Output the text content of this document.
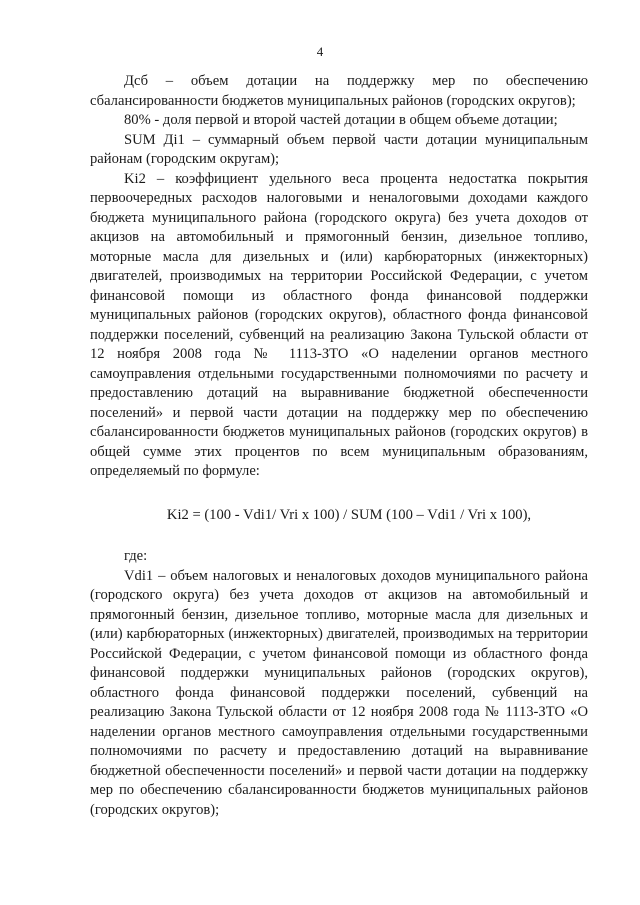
4

Дсб – объем дотации на поддержку мер по обеспечению сбалансированности бюджетов муниципальных районов (городских округов);

80% - доля первой и второй частей дотации в общем объеме дотации;

SUM Дi1 – суммарный объем первой части дотации муниципальным районам (городским округам);

Ki2 – коэффициент удельного веса процента недостатка покрытия первоочередных расходов налоговыми и неналоговыми доходами каждого бюджета муниципального района (городского округа) без учета доходов от акцизов на автомобильный и прямогонный бензин, дизельное топливо, моторные масла для дизельных и (или) карбюраторных (инжекторных) двигателей, производимых на территории Российской Федерации, с учетом финансовой помощи из областного фонда финансовой поддержки муниципальных районов (городских округов), областного фонда финансовой поддержки поселений, субвенций на реализацию Закона Тульской области от 12 ноября 2008 года № 1113-ЗТО «О наделении органов местного самоуправления отдельными государственными полномочиями по расчету и предоставлению дотаций на выравнивание бюджетной обеспеченности поселений» и первой части дотации на поддержку мер по обеспечению сбалансированности бюджетов муниципальных районов (городских округов) в общей сумме этих процентов по всем муниципальным образованиям, определяемый по формуле:

Ki2 = (100 - Vdi1/ Vri х 100) / SUM (100 – Vdi1 / Vri х 100),

где:

Vdi1 – объем налоговых и неналоговых доходов муниципального района (городского округа) без учета доходов от акцизов на автомобильный и прямогонный бензин, дизельное топливо, моторные масла для дизельных и (или) карбюраторных (инжекторных) двигателей, производимых на территории Российской Федерации, с учетом финансовой помощи из областного фонда финансовой поддержки муниципальных районов (городских округов), областного фонда финансовой поддержки поселений, субвенций на реализацию Закона Тульской области от 12 ноября 2008 года № 1113-ЗТО «О наделении органов местного самоуправления отдельными государственными полномочиями по расчету и предоставлению дотаций на выравнивание бюджетной обеспеченности поселений» и первой части дотации на поддержку мер по обеспечению сбалансированности бюджетов муниципальных районов (городских округов);
